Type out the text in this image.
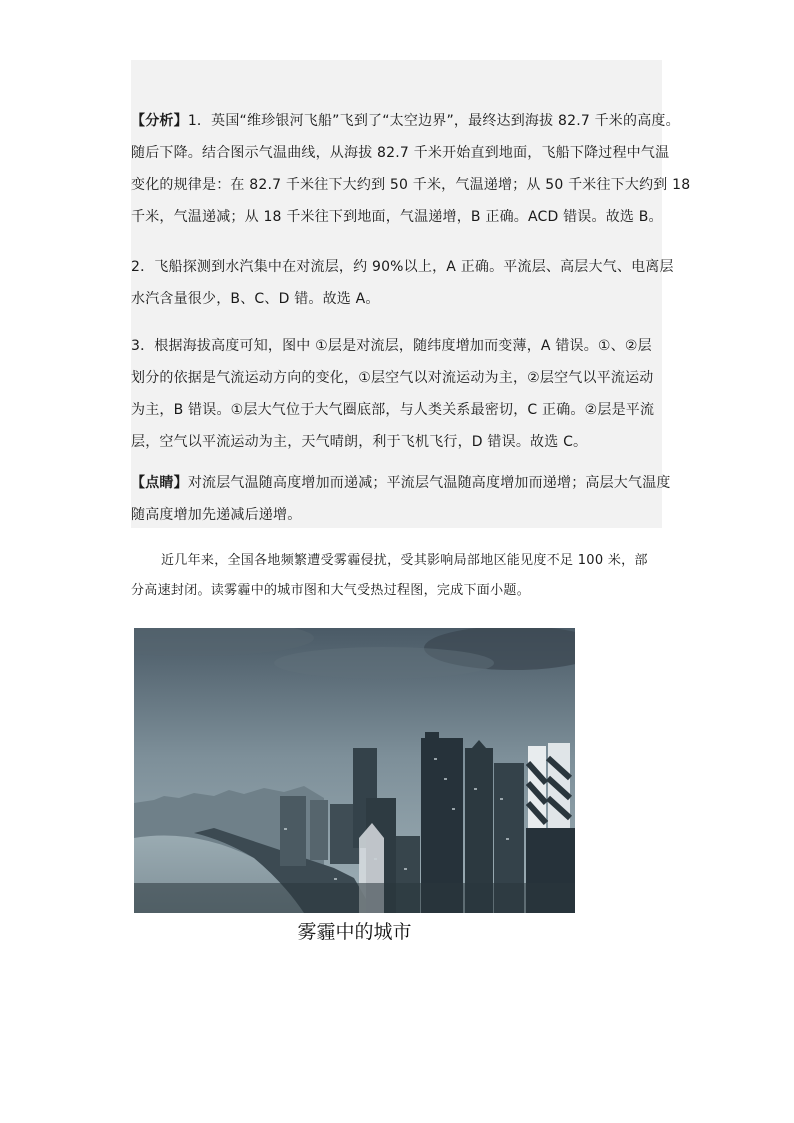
【分析】1．英国“维珍银河飞船”飞到了“太空边界”，最终达到海拔 82.7 千米的高度。
随后下降。结合图示气温曲线，从海拔 82.7 千米开始直到地面，飞船下降过程中气温
变化的规律是：在 82.7 千米往下大约到 50 千米，气温递增；从 50 千米往下大约到 18
千米，气温递减；从 18 千米往下到地面，气温递增，B 正确。ACD 错误。故选 B。
2．飞船探测到水汽集中在对流层，约 90%以上，A 正确。平流层、高层大气、电离层
水汽含量很少，B、C、D 错。故选 A。
3．根据海拔高度可知，图中 ①层是对流层，随纬度增加而变薄，A 错误。①、②层
划分的依据是气流运动方向的变化，①层空气以对流运动为主，②层空气以平流运动
为主，B 错误。①层大气位于大气圈底部，与人类关系最密切，C 正确。②层是平流
层，空气以平流运动为主，天气晴朗，利于飞机飞行，D 错误。故选 C。
【点睛】对流层气温随高度增加而递减；平流层气温随高度增加而递增；高层大气温度
随高度增加先递减后递增。
近几年来，全国各地频繁遭受雾霾侵扰，受其影响局部地区能见度不足 100 米，部
分高速封闭。读雾霾中的城市图和大气受热过程图，完成下面小题。
雾霾中的城市
